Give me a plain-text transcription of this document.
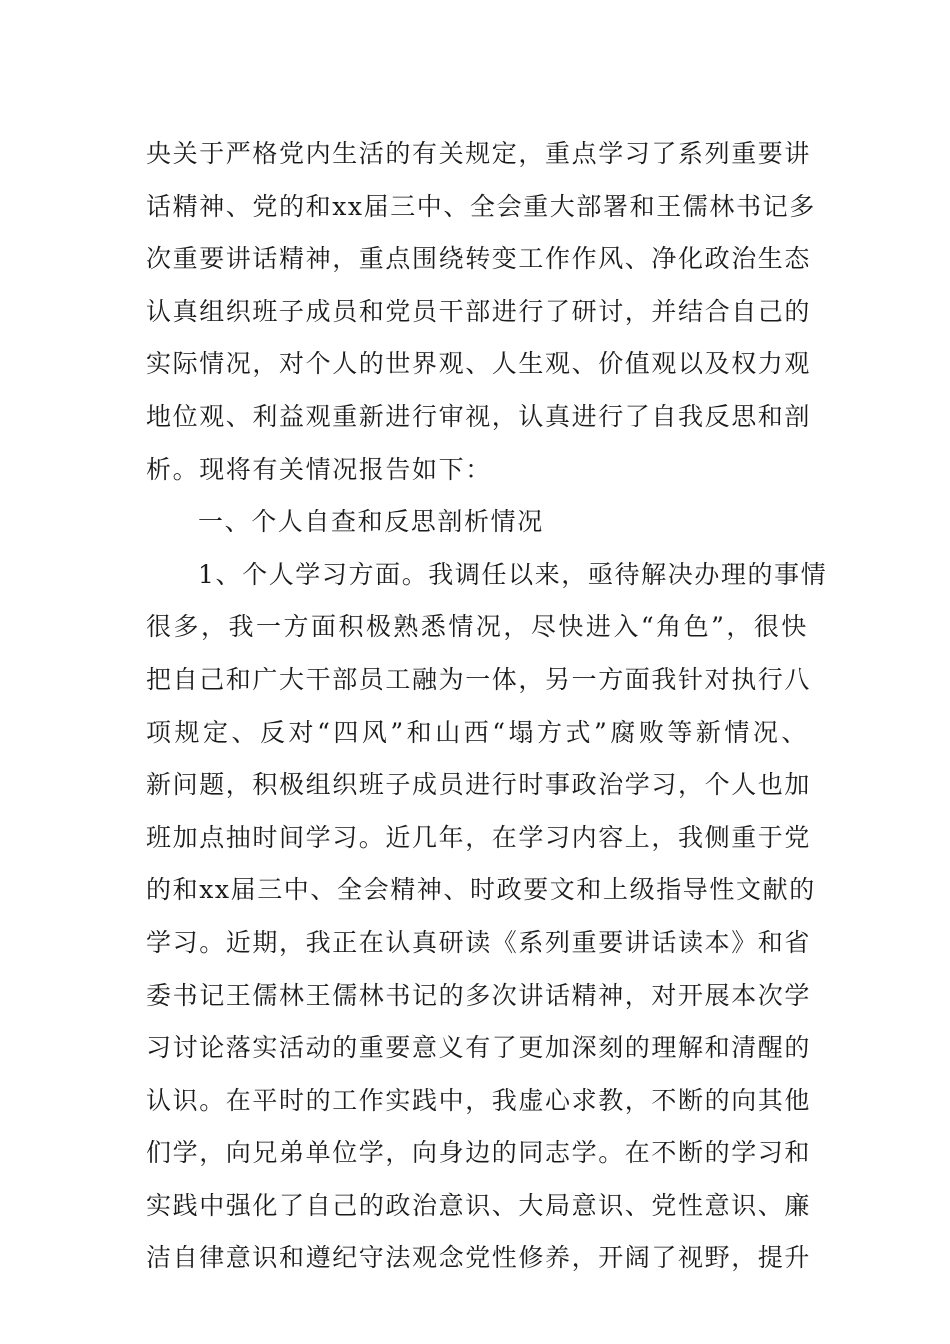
央关于严格党内生活的有关规定，重点学习了系列重要讲
话精神、党的和xx届三中、全会重大部署和王儒林书记多
次重要讲话精神，重点围绕转变工作作风、净化政治生态
认真组织班子成员和党员干部进行了研讨，并结合自己的
实际情况，对个人的世界观、人生观、价值观以及权力观
地位观、利益观重新进行审视，认真进行了自我反思和剖
析。现将有关情况报告如下：
一、个人自查和反思剖析情况
1、个人学习方面。我调任以来，亟待解决办理的事情
很多，我一方面积极熟悉情况，尽快进入“角色”，很快
把自己和广大干部员工融为一体，另一方面我针对执行八
项规定、反对“四风”和山西“塌方式”腐败等新情况、
新问题，积极组织班子成员进行时事政治学习，个人也加
班加点抽时间学习。近几年，在学习内容上，我侧重于党
的和xx届三中、全会精神、时政要文和上级指导性文献的
学习。近期，我正在认真研读《系列重要讲话读本》和省
委书记王儒林王儒林书记的多次讲话精神，对开展本次学
习讨论落实活动的重要意义有了更加深刻的理解和清醒的
认识。在平时的工作实践中，我虚心求教，不断的向其他
们学，向兄弟单位学，向身边的同志学。在不断的学习和
实践中强化了自己的政治意识、大局意识、党性意识、廉
洁自律意识和遵纪守法观念党性修养，开阔了视野，提升
